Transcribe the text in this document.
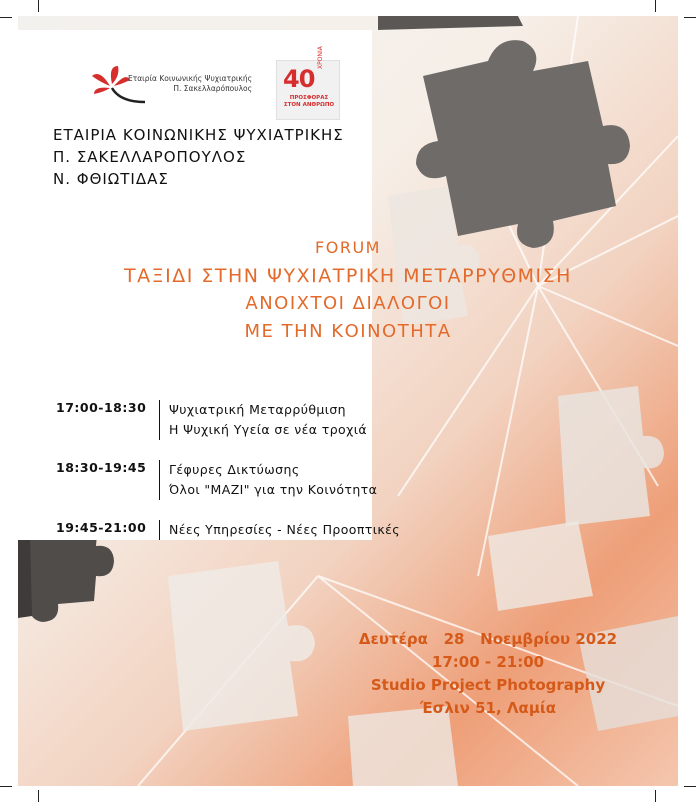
Εταιρία Κοινωνικής Ψυχιατρικής
Π. Σακελλαρόπουλος 40
ΧΡΟΝΙΑ
ΠΡΟΣΦΟΡΑΣ
ΣΤΟΝ ΑΝΘΡΩΠΟ
ΕΤΑΙΡΙΑ ΚΟΙΝΩΝΙΚΗΣ ΨΥΧΙΑΤΡΙΚΗΣ
Π. ΣΑΚΕΛΛΑΡΟΠΟΥΛΟΣ
Ν. ΦΘΙΩΤΙΔΑΣ
FORUM
ΤΑΞΙΔΙ ΣΤΗΝ ΨΥΧΙΑΤΡΙΚΗ ΜΕΤΑΡΡΥΘΜΙΣΗ
ΑΝΟΙΧΤΟΙ ΔΙΑΛΟΓΟΙ
ΜΕ ΤΗΝ ΚΟΙΝΟΤΗΤΑ
17:00-18:30 Ψυχιατρική Μεταρρύθμιση
Η Ψυχική Υγεία σε νέα τροχιά
18:30-19:45 Γέφυρες Δικτύωσης
Όλοι "ΜΑΖΙ" για την Κοινότητα
19:45-21:00 Νέες Υπηρεσίες - Νέες Προοπτικές
Δευτέρα   28   Νοεμβρίου 2022
17:00 - 21:00
Studio Project Photography
Έσλιν 51, Λαμία
